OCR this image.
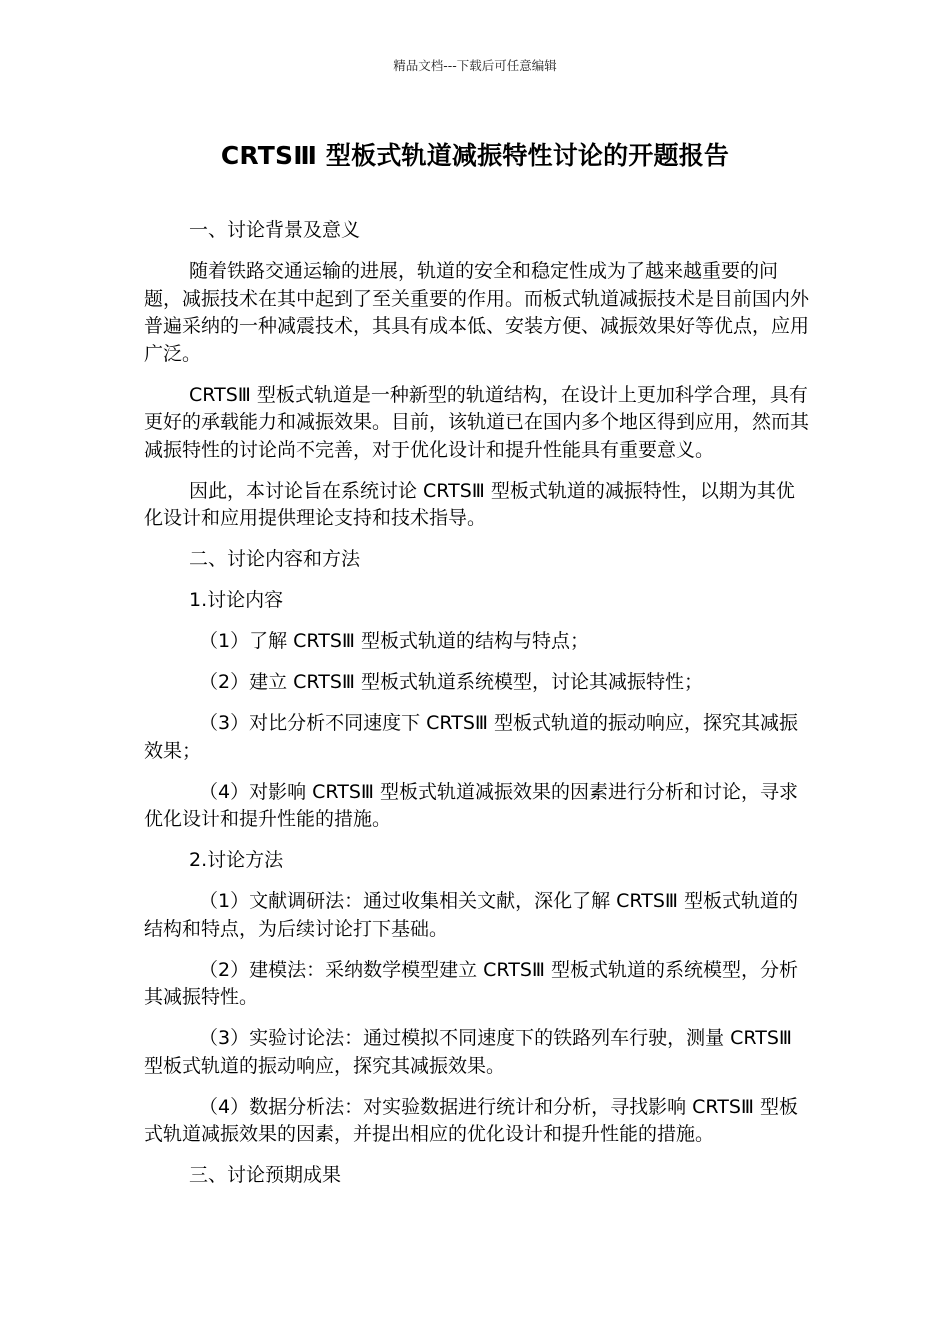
精品文档---下载后可任意编辑
CRTSⅢ 型板式轨道减振特性讨论的开题报告

一、讨论背景及意义

随着铁路交通运输的进展，轨道的安全和稳定性成为了越来越重要的问题，减振技术在其中起到了至关重要的作用。而板式轨道减振技术是目前国内外普遍采纳的一种减震技术，其具有成本低、安装方便、减振效果好等优点，应用广泛。

CRTSⅢ 型板式轨道是一种新型的轨道结构，在设计上更加科学合理，具有更好的承载能力和减振效果。目前，该轨道已在国内多个地区得到应用，然而其减振特性的讨论尚不完善，对于优化设计和提升性能具有重要意义。

因此，本讨论旨在系统讨论 CRTSⅢ 型板式轨道的减振特性，以期为其优化设计和应用提供理论支持和技术指导。

二、讨论内容和方法

1.讨论内容

（1）了解 CRTSⅢ 型板式轨道的结构与特点；

（2）建立 CRTSⅢ 型板式轨道系统模型，讨论其减振特性；

（3）对比分析不同速度下 CRTSⅢ 型板式轨道的振动响应，探究其减振效果；

（4）对影响 CRTSⅢ 型板式轨道减振效果的因素进行分析和讨论，寻求优化设计和提升性能的措施。

2.讨论方法

（1）文献调研法：通过收集相关文献，深化了解 CRTSⅢ 型板式轨道的结构和特点，为后续讨论打下基础。

（2）建模法：采纳数学模型建立 CRTSⅢ 型板式轨道的系统模型，分析其减振特性。

（3）实验讨论法：通过模拟不同速度下的铁路列车行驶，测量 CRTSⅢ 型板式轨道的振动响应，探究其减振效果。

（4）数据分析法：对实验数据进行统计和分析，寻找影响 CRTSⅢ 型板式轨道减振效果的因素，并提出相应的优化设计和提升性能的措施。

三、讨论预期成果
